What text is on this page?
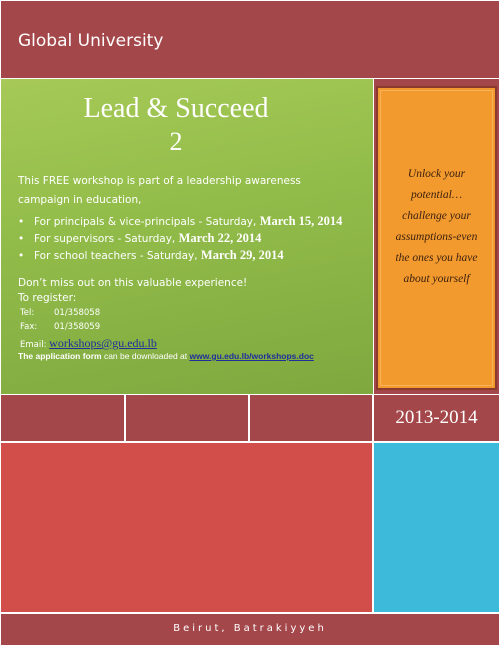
Global University
Lead & Succeed
2
This FREE workshop is part of a leadership awareness campaign in education,
• For principals & vice-principals - Saturday, March 15, 2014
• For supervisors - Saturday, March 22, 2014
• For school teachers - Saturday, March 29, 2014
Don’t miss out on this valuable experience!
To register:
Tel: 01/358058
Fax: 01/358059
Email: workshops@gu.edu.lb
The application form can be downloaded at www.gu.edu.lb/workshops.doc
Unlock your
potential…
challenge your
assumptions-even
the ones you have
about yourself
2013-2014
Beirut, Batrakiyyeh
